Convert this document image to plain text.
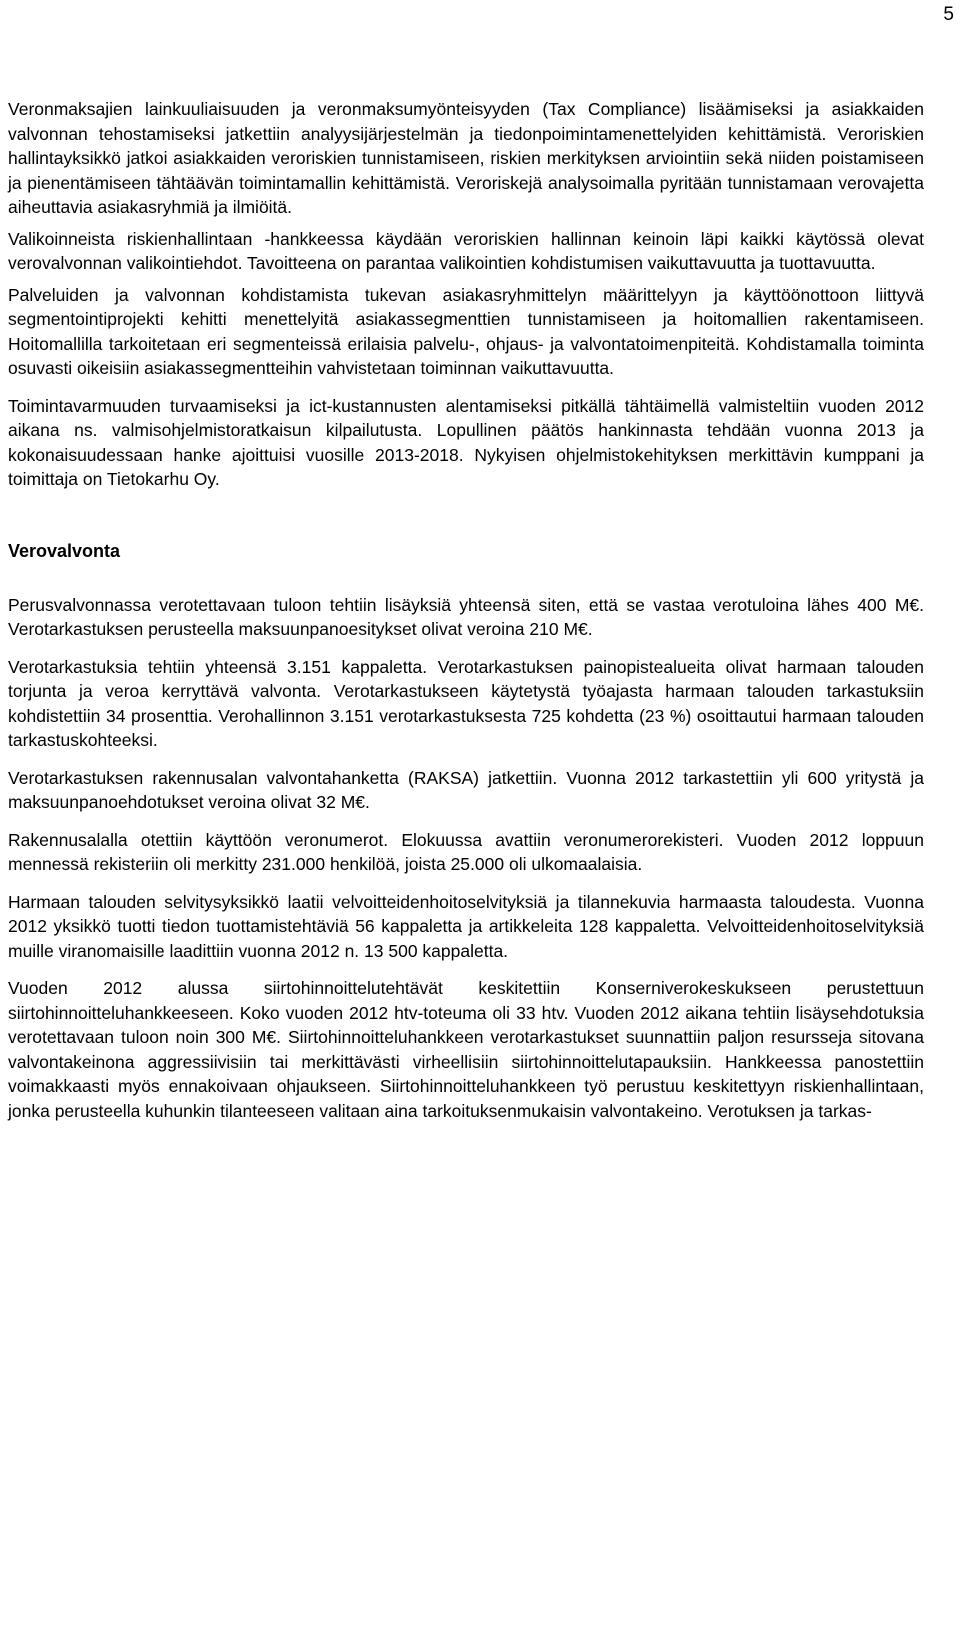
5

Veronmaksajien lainkuuliaisuuden ja veronmaksumyönteisyyden (Tax Compliance) lisäämiseksi ja asiakkaiden valvonnan tehostamiseksi jatkettiin analyysijärjestelmän ja tiedonpoimintamenettelyiden kehittämistä. Veroriskien hallintayksikkö jatkoi asiakkaiden veroriskien tunnistamiseen, riskien merkityksen arviointiin sekä niiden poistamiseen ja pienentämiseen tähtäävän toimintamallin kehittämistä. Veroriskejä analysoimalla pyritään tunnistamaan verovajetta aiheuttavia asiakasryhmiä ja ilmiöitä.

Valikoinneista riskienhallintaan -hankkeessa käydään veroriskien hallinnan keinoin läpi kaikki käytössä olevat verovalvonnan valikointiehdot. Tavoitteena on parantaa valikointien kohdistumisen vaikuttavuutta ja tuottavuutta.

Palveluiden ja valvonnan kohdistamista tukevan asiakasryhmittelyn määrittelyyn ja käyttöönottoon liittyvä segmentointiprojekti kehitti menettelyitä asiakassegmenttien tunnistamiseen ja hoitomallien rakentamiseen. Hoitomallilla tarkoitetaan eri segmenteissä erilaisia palvelu-, ohjaus- ja valvontatoimenpiteitä. Kohdistamalla toiminta osuvasti oikeisiin asiakassegmentteihin vahvistetaan toiminnan vaikuttavuutta.

Toimintavarmuuden turvaamiseksi ja ict-kustannusten alentamiseksi pitkällä tähtäimellä valmisteltiin vuoden 2012 aikana ns. valmisohjelmistoratkaisun kilpailutusta. Lopullinen päätös hankinnasta tehdään vuonna 2013 ja kokonaisuudessaan hanke ajoittuisi vuosille 2013-2018. Nykyisen ohjelmistokehityksen merkittävin kumppani ja toimittaja on Tietokarhu Oy.

Verovalvonta

Perusvalvonnassa verotettavaan tuloon tehtiin lisäyksiä yhteensä siten, että se vastaa verotuloina lähes 400 M€. Verotarkastuksen perusteella maksuunpanoesitykset olivat veroina 210 M€.

Verotarkastuksia tehtiin yhteensä 3.151 kappaletta. Verotarkastuksen painopistealueita olivat harmaan talouden torjunta ja veroa kerryttävä valvonta. Verotarkastukseen käytetystä työajasta harmaan talouden tarkastuksiin kohdistettiin 34 prosenttia. Verohallinnon 3.151 verotarkastuksesta 725 kohdetta (23 %) osoittautui harmaan talouden tarkastuskohteeksi.

Verotarkastuksen rakennusalan valvontahanketta (RAKSA) jatkettiin. Vuonna 2012 tarkastettiin yli 600 yritystä ja maksuunpanoehdotukset veroina olivat 32 M€.

Rakennusalalla otettiin käyttöön veronumerot. Elokuussa avattiin veronumerorekisteri. Vuoden 2012 loppuun mennessä rekisteriin oli merkitty 231.000 henkilöä, joista 25.000 oli ulkomaalaisia.

Harmaan talouden selvitysyksikkö laatii velvoitteidenhoitoselvityksiä ja tilannekuvia harmaasta taloudesta. Vuonna 2012 yksikkö tuotti tiedon tuottamistehtäviä 56 kappaletta ja artikkeleita 128 kappaletta. Velvoitteidenhoitoselvityksiä muille viranomaisille laadittiin vuonna 2012 n. 13 500 kappaletta.

Vuoden 2012 alussa siirtohinnoittelutehtävät keskitettiin Konserniverokeskukseen perustettuun siirtohinnoitteluhankkeeseen. Koko vuoden 2012 htv-toteuma oli 33 htv. Vuoden 2012 aikana tehtiin lisäysehdotuksia verotettavaan tuloon noin 300 M€. Siirtohinnoitteluhankkeen verotarkastukset suunnattiin paljon resursseja sitovana valvontakeinona aggressiivisiin tai merkittävästi virheellisiin siirtohinnoittelutapauksiin. Hankkeessa panostettiin voimakkaasti myös ennakoivaan ohjaukseen. Siirtohinnoitteluhankkeen työ perustuu keskitettyyn riskienhallintaan, jonka perusteella kuhunkin tilanteeseen valitaan aina tarkoituksenmukaisin valvontakeino. Verotuksen ja tarkas-
